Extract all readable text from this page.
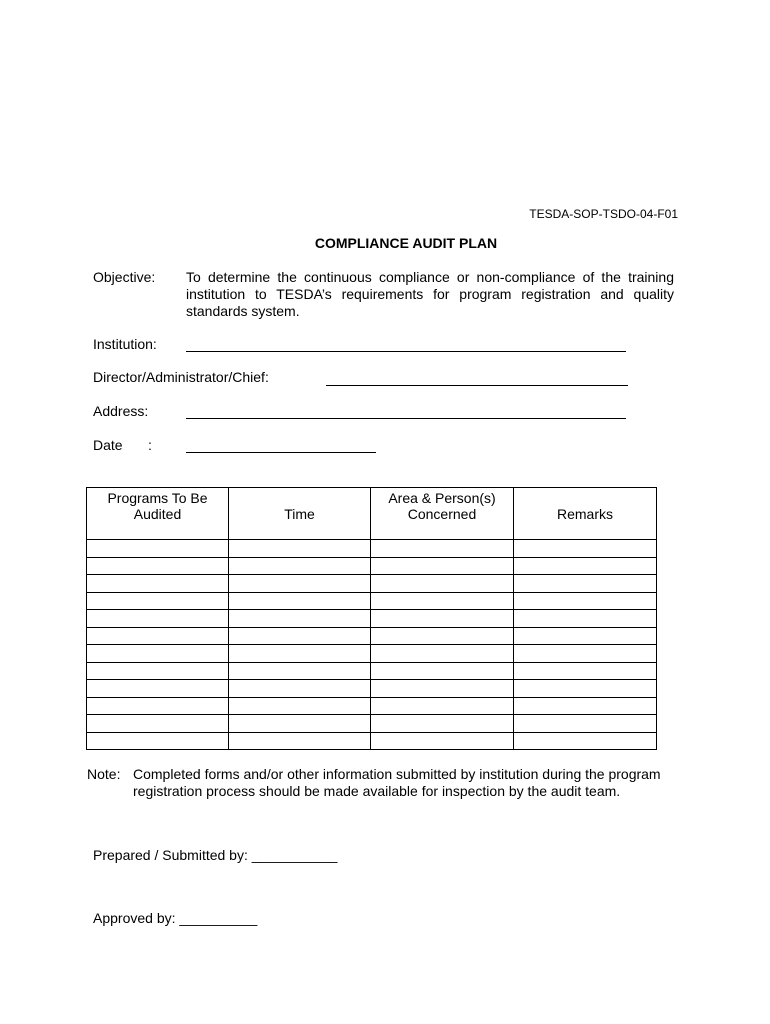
TESDA-SOP-TSDO-04-F01
COMPLIANCE AUDIT PLAN
Objective: To determine the continuous compliance or non-compliance of the training institution to TESDA’s requirements for program registration and quality standards system.
Institution:
Director/Administrator/Chief:
Address:
Date :
Programs To Be Audited	Time	Area & Person(s) Concerned	Remarks

Note: Completed forms and/or other information submitted by institution during the program registration process should be made available for inspection by the audit team.
Prepared / Submitted by: ___________
Approved by: __________
